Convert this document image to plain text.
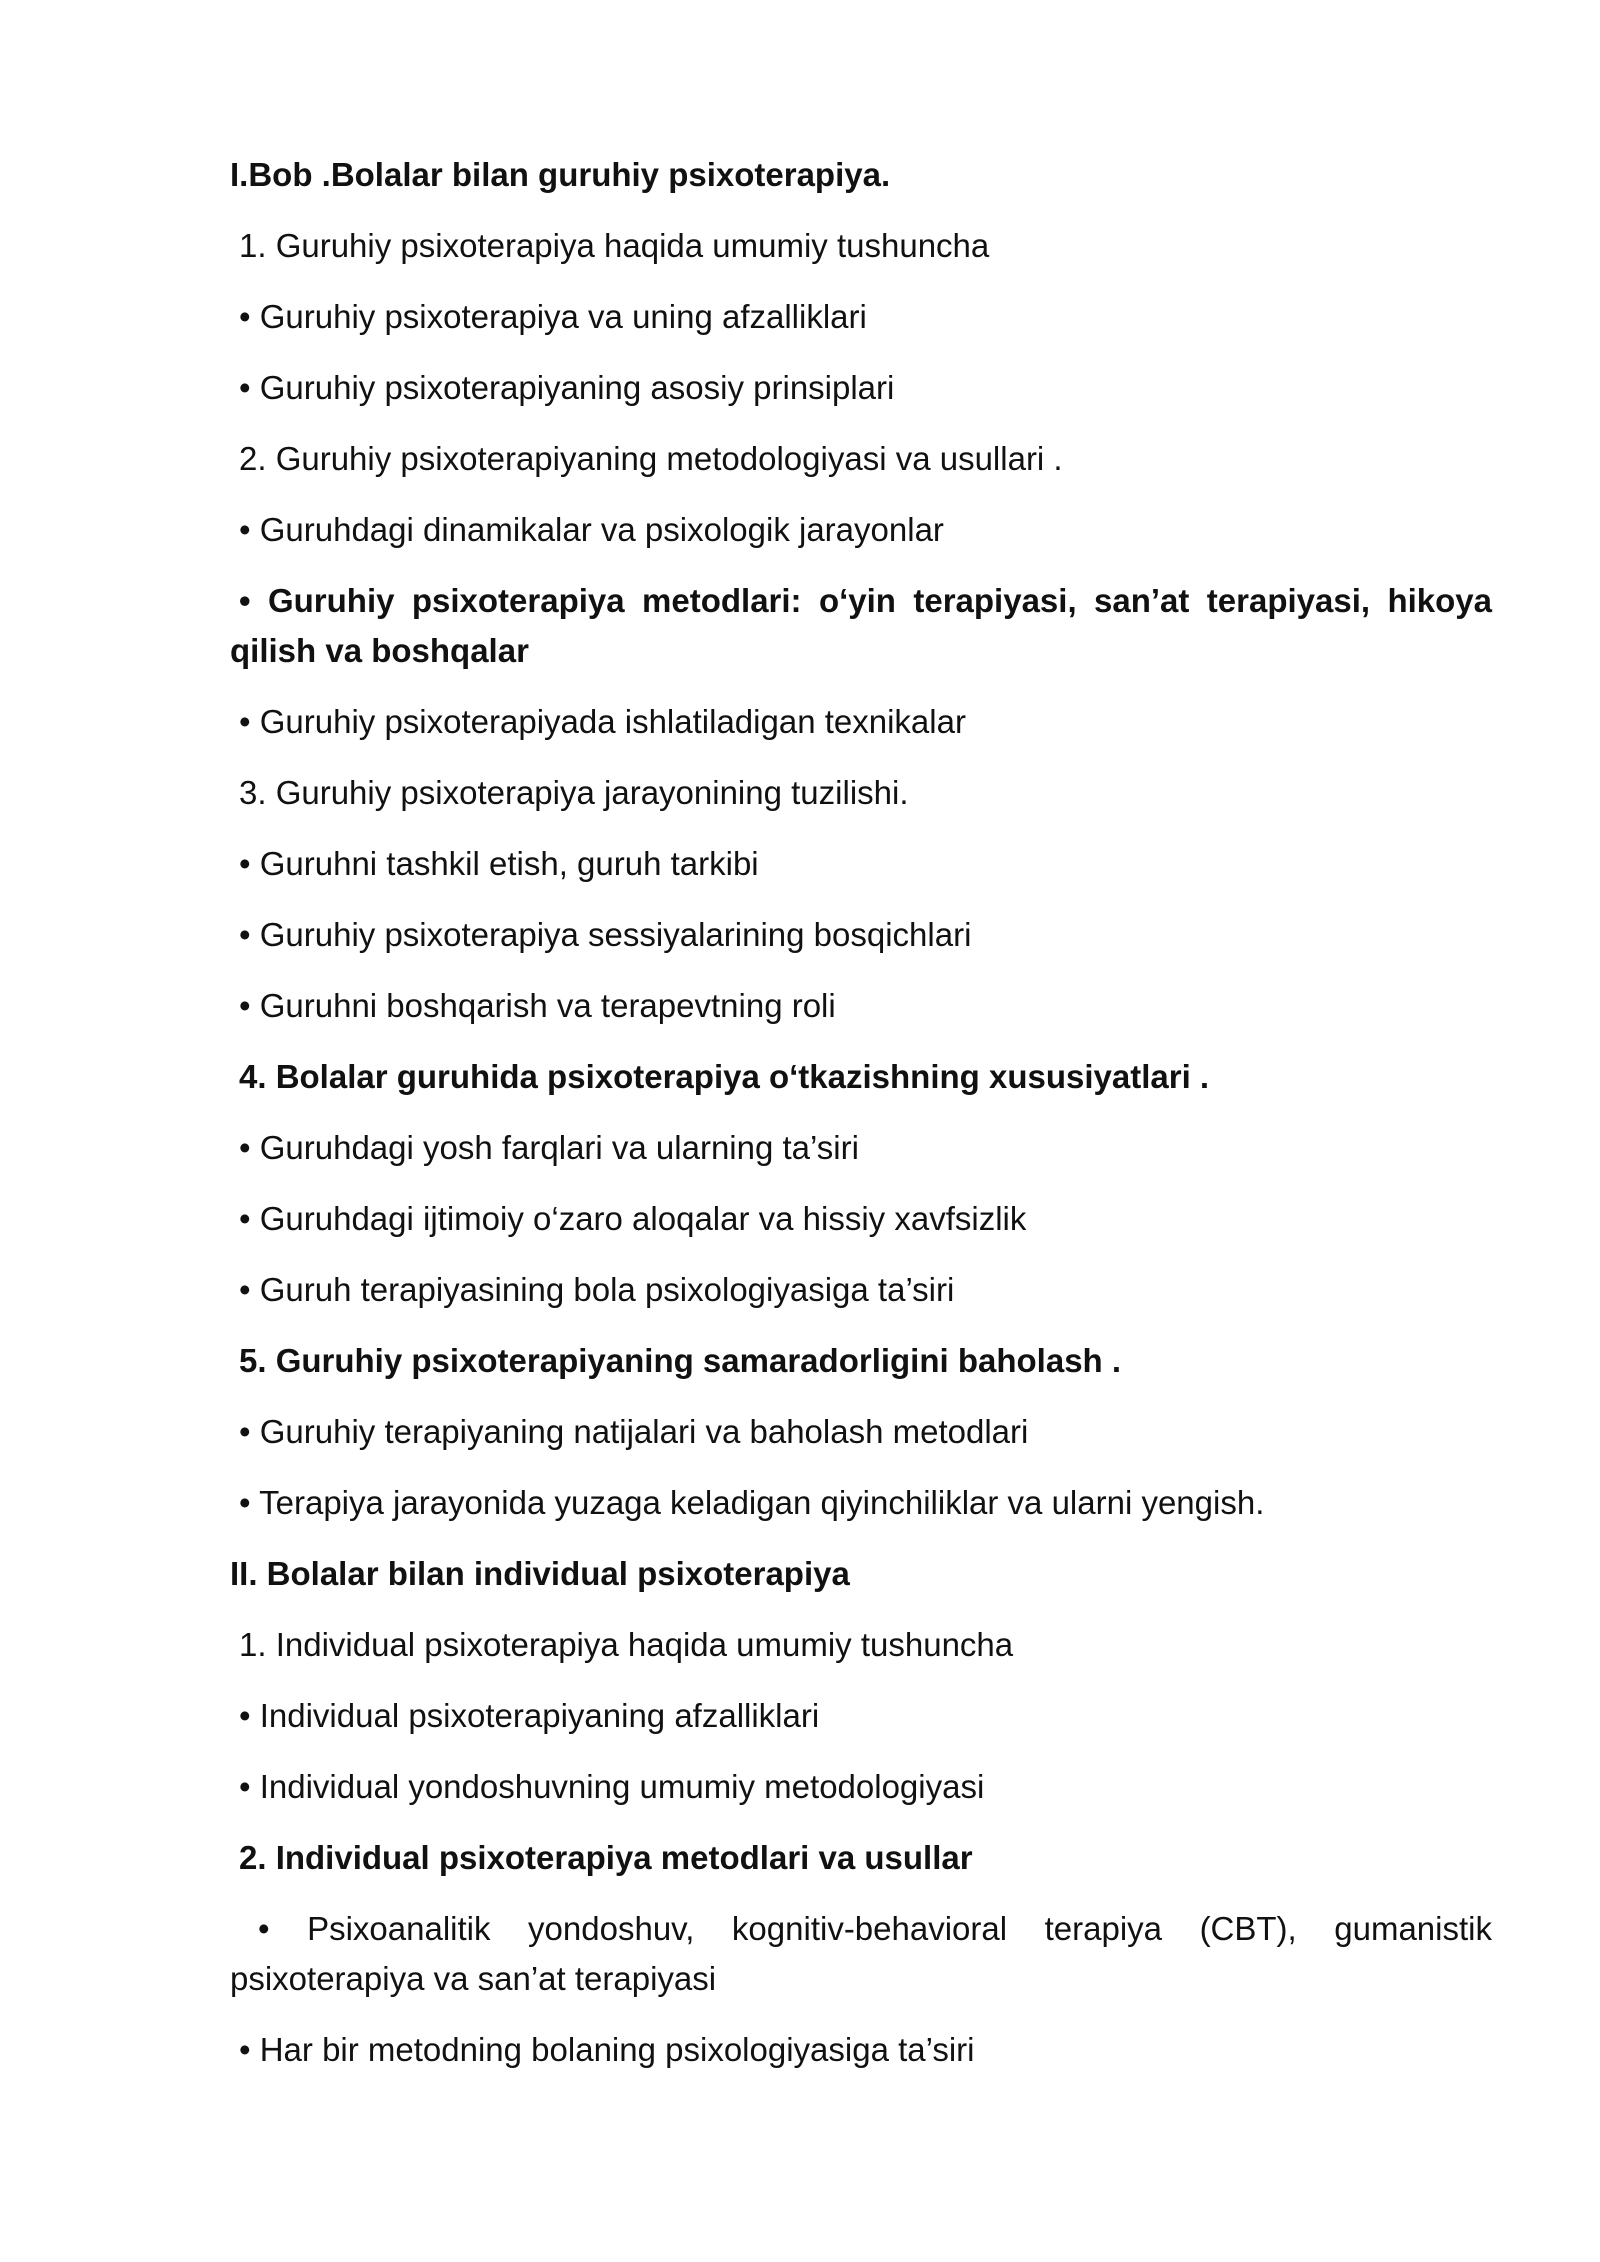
I.Bob .Bolalar bilan guruhiy psixoterapiya.
1. Guruhiy psixoterapiya haqida umumiy tushuncha
• Guruhiy psixoterapiya va uning afzalliklari
• Guruhiy psixoterapiyaning asosiy prinsiplari
2. Guruhiy psixoterapiyaning metodologiyasi va usullari .
• Guruhdagi dinamikalar va psixologik jarayonlar
• Guruhiy psixoterapiya metodlari: o‘yin terapiyasi, san’at terapiyasi, hikoya qilish va boshqalar
• Guruhiy psixoterapiyada ishlatiladigan texnikalar
3. Guruhiy psixoterapiya jarayonining tuzilishi.
• Guruhni tashkil etish, guruh tarkibi
• Guruhiy psixoterapiya sessiyalarining bosqichlari
• Guruhni boshqarish va terapevtning roli
4. Bolalar guruhida psixoterapiya o‘tkazishning xususiyatlari .
• Guruhdagi yosh farqlari va ularning ta’siri
• Guruhdagi ijtimoiy o‘zaro aloqalar va hissiy xavfsizlik
• Guruh terapiyasining bola psixologiyasiga ta’siri
5. Guruhiy psixoterapiyaning samaradorligini baholash .
• Guruhiy terapiyaning natijalari va baholash metodlari
• Terapiya jarayonida yuzaga keladigan qiyinchiliklar va ularni yengish.
II. Bolalar bilan individual psixoterapiya
1. Individual psixoterapiya haqida umumiy tushuncha
• Individual psixoterapiyaning afzalliklari
• Individual yondoshuvning umumiy metodologiyasi
2. Individual psixoterapiya metodlari va usullar
• Psixoanalitik yondoshuv, kognitiv-behavioral terapiya (CBT), gumanistik psixoterapiya va san’at terapiyasi
• Har bir metodning bolaning psixologiyasiga ta’siri
